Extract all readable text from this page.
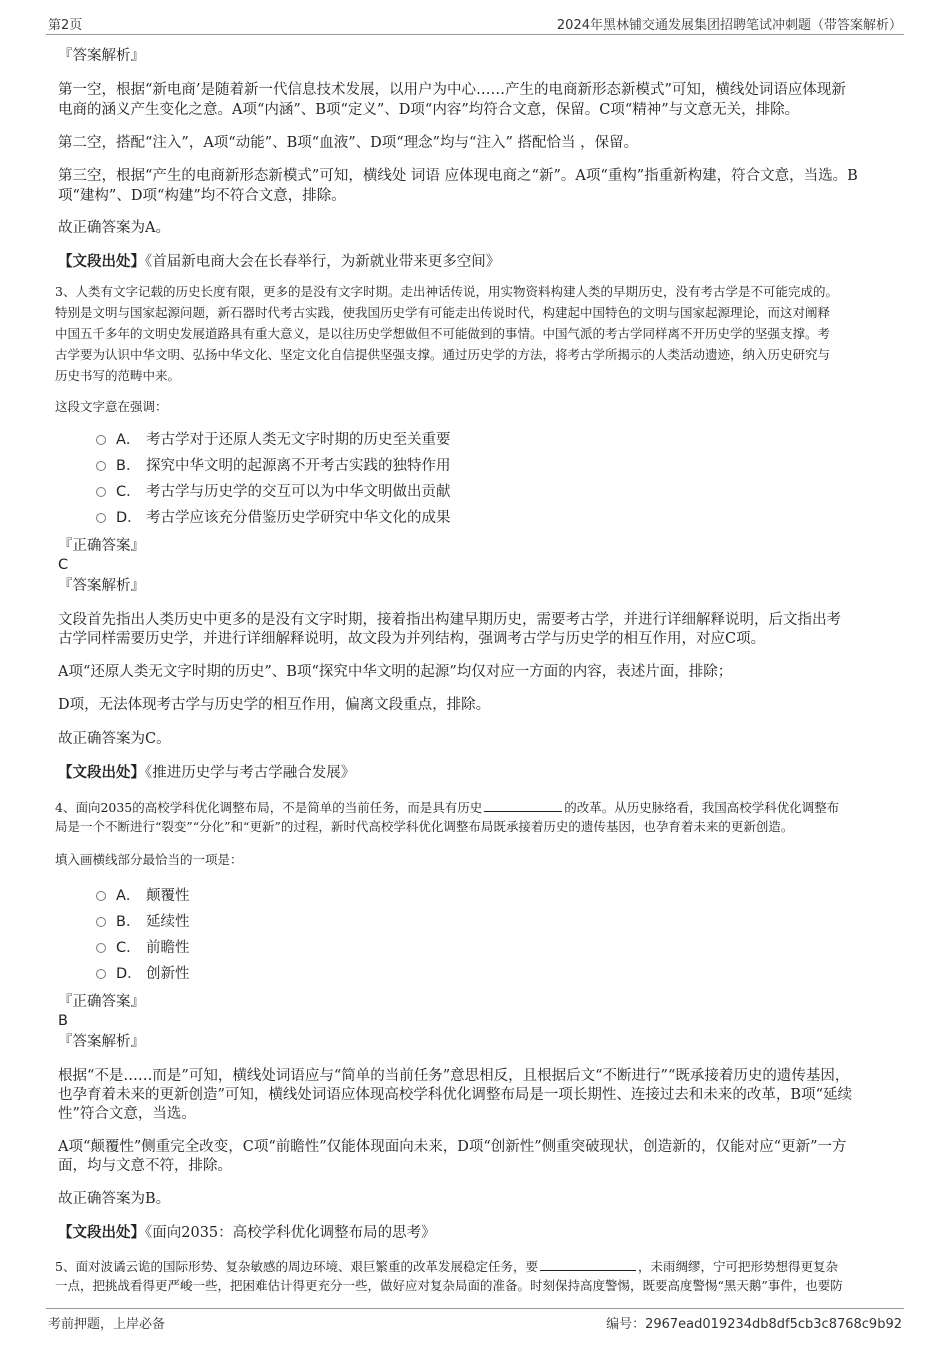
第2页	2024年黑林铺交通发展集团招聘笔试冲刺题（带答案解析）
『答案解析』
第一空，根据“新电商’是随着新一代信息技术发展，以用户为中心……产生的电商新形态新模式”可知，横线处词语应体现新
电商的涵义产生变化之意。A项“内涵”、B项“定义”、D项“内容”均符合文意，保留。C项“精神”与文意无关，排除。
第二空，搭配“注入”，A项“动能”、B项“血液”、D项“理念”均与“注入” 搭配恰当 ，保留。
第三空，根据“产生的电商新形态新模式”可知，横线处 词语 应体现电商之“新”。A项“重构”指重新构建，符合文意，当选。B
项“建构”、D项“构建”均不符合文意，排除。
故正确答案为A。
【文段出处】《首届新电商大会在长春举行，为新就业带来更多空间》
3、人类有文字记载的历史长度有限，更多的是没有文字时期。走出神话传说，用实物资料构建人类的早期历史，没有考古学是不可能完成的。
特别是文明与国家起源问题，新石器时代考古实践，使我国历史学有可能走出传说时代，构建起中国特色的文明与国家起源理论，而这对阐释
中国五千多年的文明史发展道路具有重大意义，是以往历史学想做但不可能做到的事情。中国气派的考古学同样离不开历史学的坚强支撑。考
古学要为认识中华文明、弘扬中华文化、坚定文化自信提供坚强支撑。通过历史学的方法，将考古学所揭示的人类活动遗迹，纳入历史研究与
历史书写的范畴中来。
这段文字意在强调：
A． 考古学对于还原人类无文字时期的历史至关重要
B． 探究中华文明的起源离不开考古实践的独特作用
C． 考古学与历史学的交互可以为中华文明做出贡献
D． 考古学应该充分借鉴历史学研究中华文化的成果
『正确答案』
C
『答案解析』
文段首先指出人类历史中更多的是没有文字时期，接着指出构建早期历史，需要考古学，并进行详细解释说明，后文指出考
古学同样需要历史学，并进行详细解释说明，故文段为并列结构，强调考古学与历史学的相互作用，对应C项。
A项“还原人类无文字时期的历史”、B项“探究中华文明的起源”均仅对应一方面的内容，表述片面，排除；
D项，无法体现考古学与历史学的相互作用，偏离文段重点，排除。
故正确答案为C。
【文段出处】《推进历史学与考古学融合发展》
4、面向2035的高校学科优化调整布局，不是简单的当前任务，而是具有历史	的改革。从历史脉络看，我国高校学科优化调整布
局是一个不断进行“裂变”“分化”和“更新”的过程，新时代高校学科优化调整布局既承接着历史的遗传基因，也孕育着未来的更新创造。
填入画横线部分最恰当的一项是：
A． 颠覆性
B． 延续性
C． 前瞻性
D． 创新性
『正确答案』
B
『答案解析』
根据“不是……而是”可知，横线处词语应与“简单的当前任务”意思相反，且根据后文“不断进行”“既承接着历史的遗传基因，
也孕育着未来的更新创造”可知，横线处词语应体现高校学科优化调整布局是一项长期性、连接过去和未来的改革，B项“延续
性”符合文意，当选。
A项“颠覆性”侧重完全改变，C项“前瞻性”仅能体现面向未来，D项“创新性”侧重突破现状，创造新的，仅能对应“更新”一方
面，均与文意不符，排除。
故正确答案为B。
【文段出处】《面向2035：高校学科优化调整布局的思考》
5、面对波谲云诡的国际形势、复杂敏感的周边环境、艰巨繁重的改革发展稳定任务，要	，未雨绸缪，宁可把形势想得更复杂
一点，把挑战看得更严峻一些，把困难估计得更充分一些，做好应对复杂局面的准备。时刻保持高度警惕，既要高度警惕“黑天鹅”事件，也要防
考前押题，上岸必备	编号：2967ead019234db8df5cb3c8768c9b92
